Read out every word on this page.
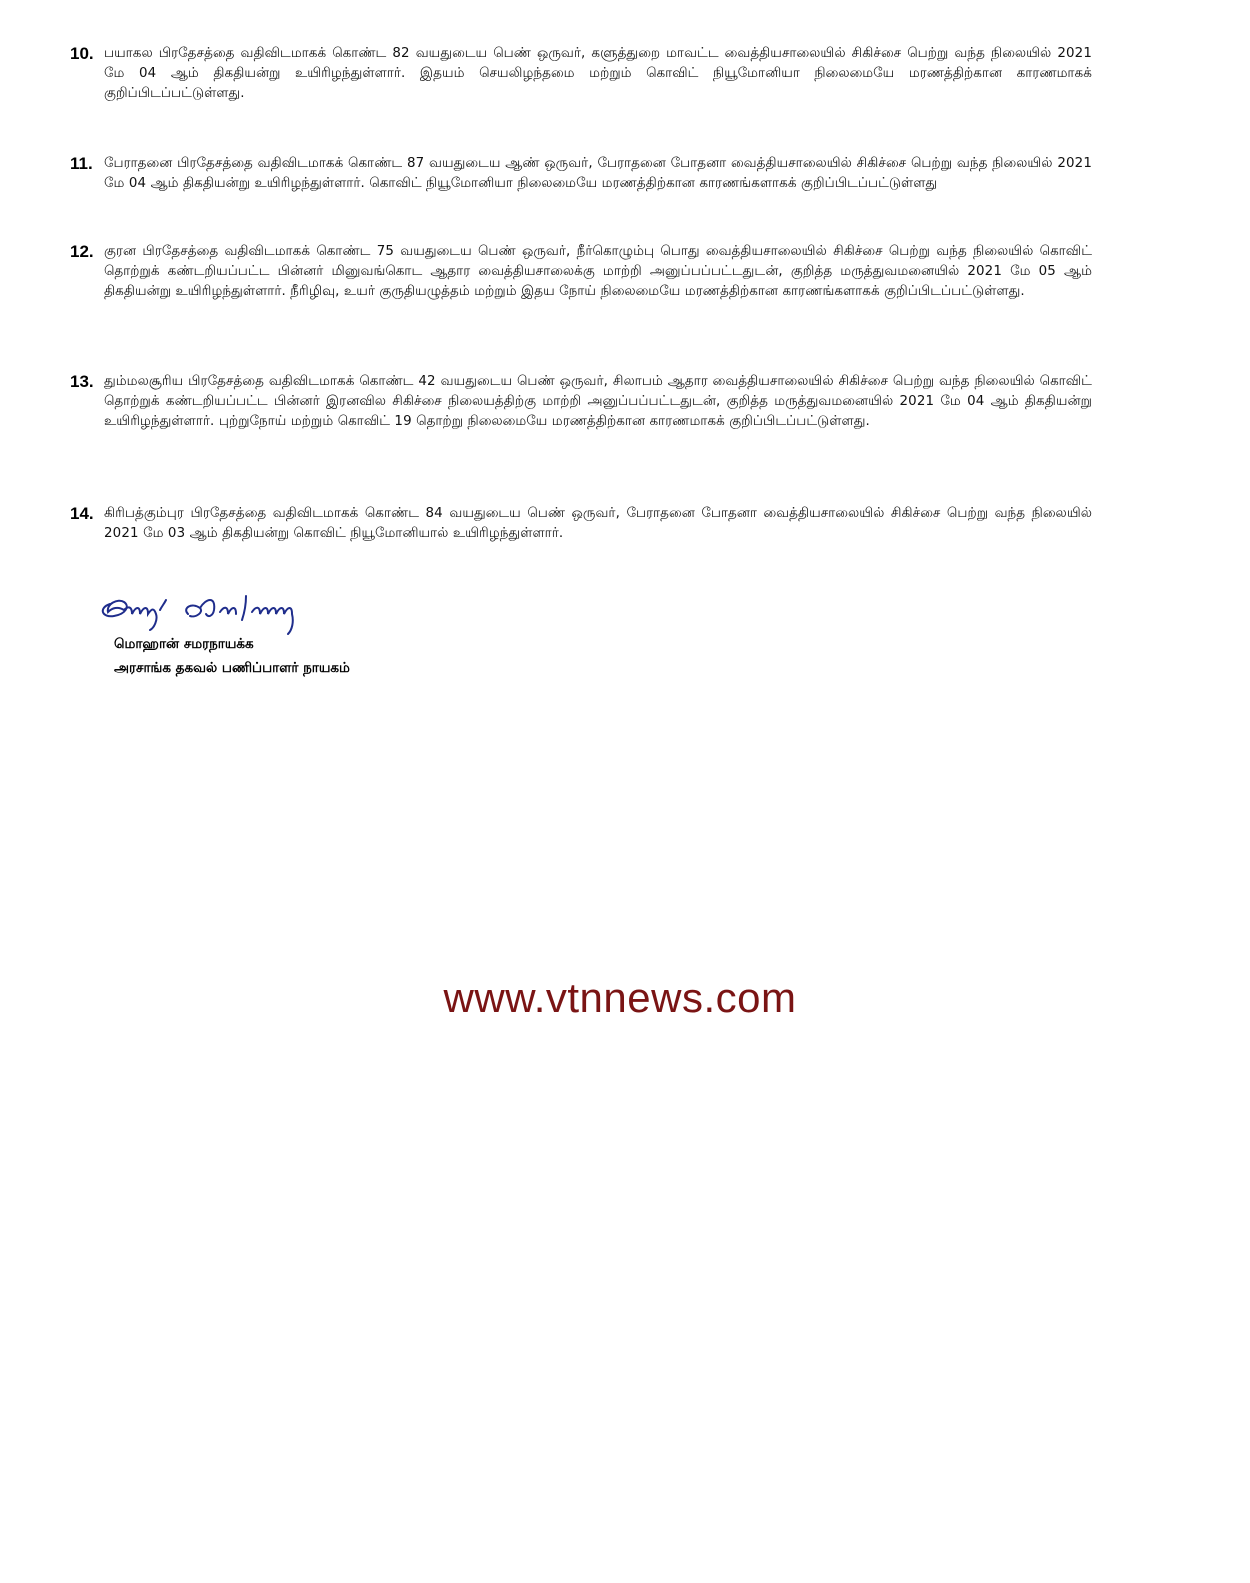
10. பயாகல பிரதேசத்தை வதிவிடமாகக் கொண்ட 82 வயதுடைய பெண் ஒருவர், களுத்துறை மாவட்ட வைத்தியசாலையில் சிகிச்சை பெற்று வந்த நிலையில் 2021 மே 04 ஆம் திகதியன்று உயிரிழந்துள்ளார். இதயம் செயலிழந்தமை மற்றும் கொவிட் நியூமோனியா நிலைமையே மரணத்திற்கான காரணமாகக் குறிப்பிடப்பட்டுள்ளது.
11. பேராதனை பிரதேசத்தை வதிவிடமாகக் கொண்ட 87 வயதுடைய ஆண் ஒருவர், பேராதனை போதனா வைத்தியசாலையில் சிகிச்சை பெற்று வந்த நிலையில் 2021 மே 04 ஆம் திகதியன்று உயிரிழந்துள்ளார். கொவிட் நியூமோனியா நிலைமையே மரணத்திற்கான காரணங்களாகக் குறிப்பிடப்பட்டுள்ளது
12. குரன பிரதேசத்தை வதிவிடமாகக் கொண்ட 75 வயதுடைய பெண் ஒருவர், நீர்கொழும்பு பொது வைத்தியசாலையில் சிகிச்சை பெற்று வந்த நிலையில் கொவிட் தொற்றுக் கண்டறியப்பட்ட பின்னர் மினுவங்கொட ஆதார வைத்தியசாலைக்கு மாற்றி அனுப்பப்பட்டதுடன், குறித்த மருத்துவமனையில் 2021 மே 05 ஆம் திகதியன்று உயிரிழந்துள்ளார். நீரிழிவு, உயர் குருதியழுத்தம் மற்றும் இதய நோய் நிலைமையே மரணத்திற்கான காரணங்களாகக் குறிப்பிடப்பட்டுள்ளது.
13. தும்மலசூரிய பிரதேசத்தை வதிவிடமாகக் கொண்ட 42 வயதுடைய பெண் ஒருவர், சிலாபம் ஆதார வைத்தியசாலையில் சிகிச்சை பெற்று வந்த நிலையில் கொவிட் தொற்றுக் கண்டறியப்பட்ட பின்னர் இரனவில சிகிச்சை நிலையத்திற்கு மாற்றி அனுப்பப்பட்டதுடன், குறித்த மருத்துவமனையில் 2021 மே 04 ஆம் திகதியன்று உயிரிழந்துள்ளார். புற்றுநோய் மற்றும் கொவிட் 19 தொற்று நிலைமையே மரணத்திற்கான காரணமாகக் குறிப்பிடப்பட்டுள்ளது.
14. கிரிபத்கும்புர பிரதேசத்தை வதிவிடமாகக் கொண்ட 84 வயதுடைய பெண் ஒருவர், பேராதனை போதனா வைத்தியசாலையில் சிகிச்சை பெற்று வந்த நிலையில் 2021 மே 03 ஆம் திகதியன்று கொவிட் நியூமோனியால் உயிரிழந்துள்ளார்.
மொஹான் சமரநாயக்க
அரசாங்க தகவல் பணிப்பாளர் நாயகம்
www.vtnnews.com
